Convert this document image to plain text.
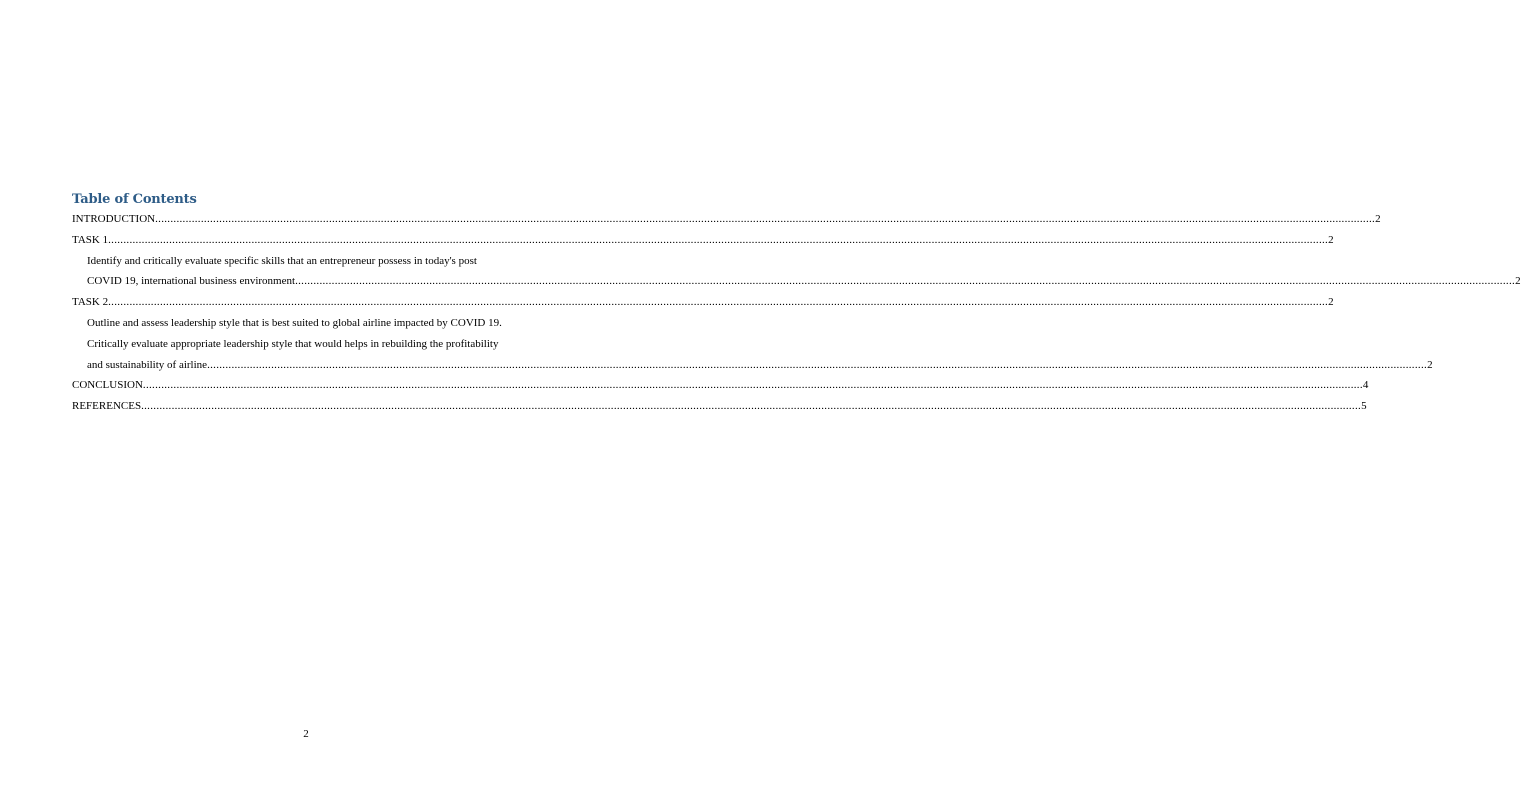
Table of Contents
INTRODUCTION ................................................................................................................................................................................................................................................................................................................................................................................................................ 2
TASK 1 ................................................................................................................................................................................................................................................................................................................................................................................................................ 2
Identify and critically evaluate specific skills that an entrepreneur possess in today's post
COVID 19, international business environment ................................................................................................................................................................................................................................................................................................................................................................................................................ 2
TASK 2 ................................................................................................................................................................................................................................................................................................................................................................................................................ 2
Outline and assess leadership style that is best suited to global airline impacted by COVID 19.
Critically evaluate appropriate leadership style that would helps in rebuilding the profitability
and sustainability of airline ................................................................................................................................................................................................................................................................................................................................................................................................................ 2
CONCLUSION ................................................................................................................................................................................................................................................................................................................................................................................................................ 4
REFERENCES ................................................................................................................................................................................................................................................................................................................................................................................................................ 5
2
